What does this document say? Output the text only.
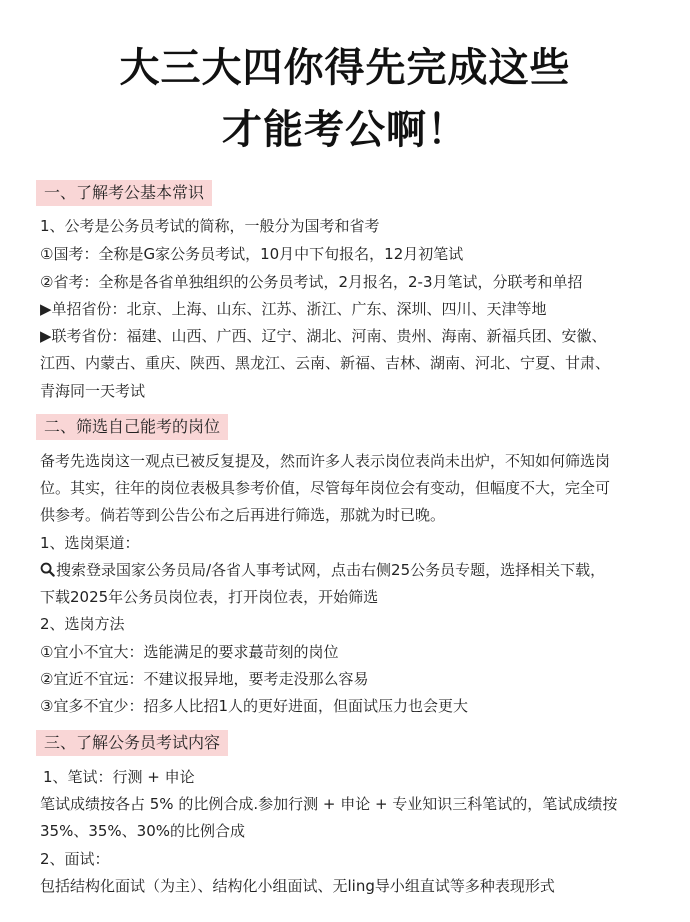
大三大四你得先完成这些
才能考公啊！
一、了解考公基本常识
1、公考是公务员考试的简称，一般分为国考和省考
①国考：全称是G家公务员考试，10月中下旬报名，12月初笔试
②省考：全称是各省单独组织的公务员考试，2月报名，2-3月笔试，分联考和单招
▶单招省份：北京、上海、山东、江苏、浙江、广东、深圳、四川、天津等地
▶联考省份：福建、山西、广西、辽宁、湖北、河南、贵州、海南、新福兵团、安徽、
江西、内蒙古、重庆、陕西、黑龙江、云南、新福、吉林、湖南、河北、宁夏、甘肃、
青海同一天考试
二、筛选自己能考的岗位
备考先选岗这一观点已被反复提及，然而许多人表示岗位表尚未出炉，不知如何筛选岗
位。其实，往年的岗位表极具参考价值，尽管每年岗位会有变动，但幅度不大，完全可
供参考。倘若等到公告公布之后再进行筛选，那就为时已晚。
1、选岗渠道：
搜索登录国家公务员局/各省人事考试网，点击右侧25公务员专题，选择相关下载，
下载2025年公务员岗位表，打开岗位表，开始筛选
2、选岗方法
①宜小不宜大：选能满足的要求蕞苛刻的岗位
②宜近不宜远：不建议报异地，要考走没那么容易
③宜多不宜少：招多人比招1人的更好进面，但面试压力也会更大
三、了解公务员考试内容
1、笔试：行测 + 申论
笔试成绩按各占 5% 的比例合成.参加行测 + 申论 + 专业知识三科笔试的，笔试成绩按
35%、35%、30%的比例合成
2、面试：
包括结构化面试（为主）、结构化小组面试、无ling导小组直试等多种表现形式
